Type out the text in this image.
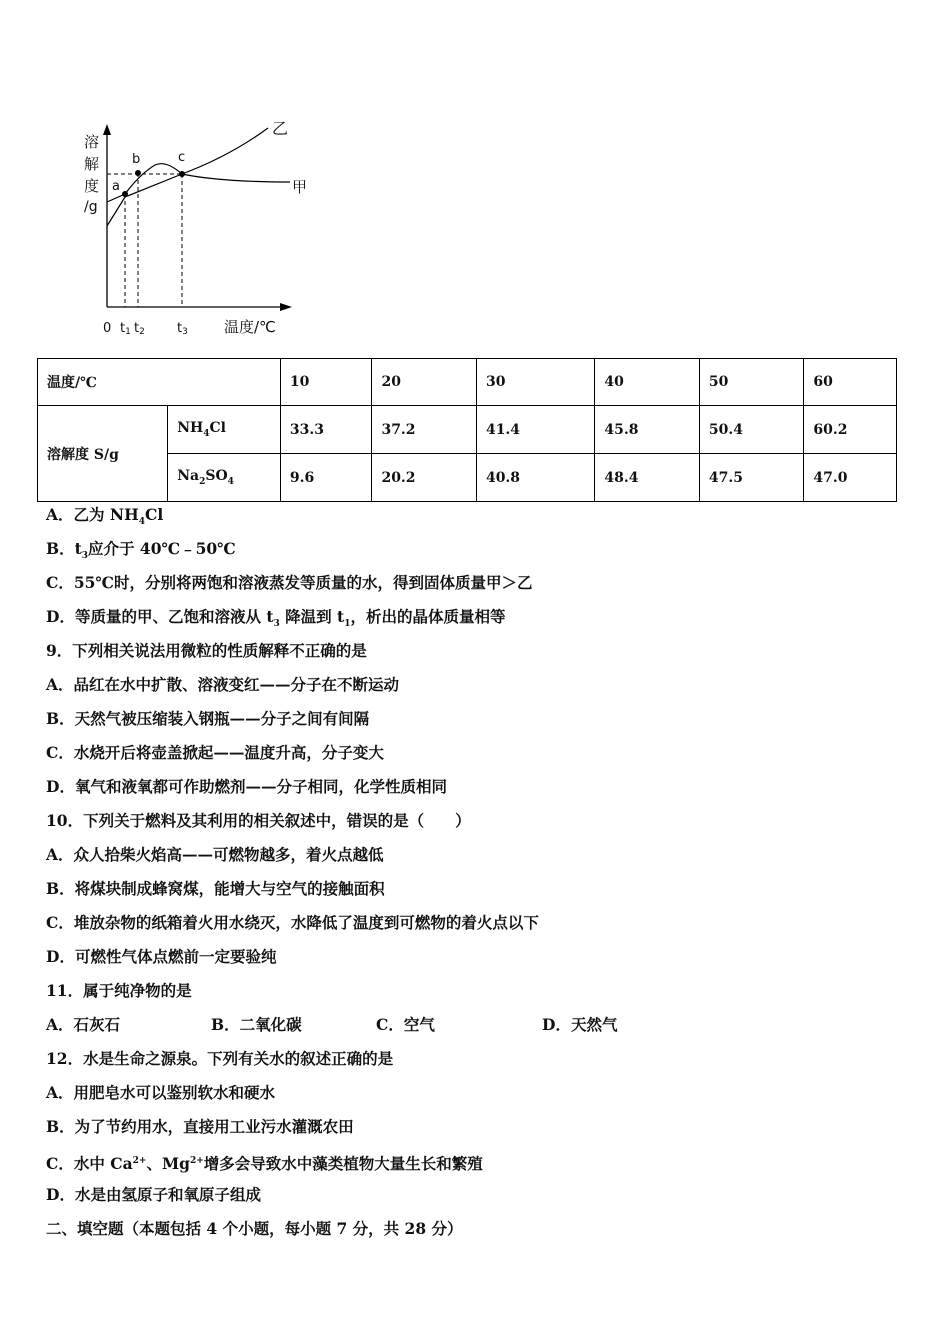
溶
解
度
/g
a
b	c
乙
甲
0 t1 t2 t3 温度/℃
温度/℃		10	20	30	40	50	60
溶解度 S/g	$NH_4Cl$	33.3	37.2	41.4	45.8	50.4	60.2
	$Na_2SO_4$	9.6	20.2	40.8	48.4	47.5	47.0
A．乙为 $NH_4Cl$
B．$t_3$应介于 40℃﹣50℃
C．55℃时，分别将两饱和溶液蒸发等质量的水，得到固体质量甲＞乙
D．等质量的甲、乙饱和溶液从 $t_3$ 降温到 $t_1$，析出的晶体质量相等
9．下列相关说法用微粒的性质解释不正确的是
A．品红在水中扩散、溶液变红——分子在不断运动
B．天然气被压缩装入钢瓶——分子之间有间隔
C．水烧开后将壶盖掀起——温度升高，分子变大
D．氧气和液氧都可作助燃剂——分子相同，化学性质相同
10．下列关于燃料及其利用的相关叙述中，错误的是（　　）
A．众人拾柴火焰高——可燃物越多，着火点越低
B．将煤块制成蜂窝煤，能增大与空气的接触面积
C．堆放杂物的纸箱着火用水绕灭，水降低了温度到可燃物的着火点以下
D．可燃性气体点燃前一定要验纯
11．属于纯净物的是
A．石灰石	B．二氧化碳	C．空气	D．天然气
12．水是生命之源泉。下列有关水的叙述正确的是
A．用肥皂水可以鉴别软水和硬水
B．为了节约用水，直接用工业污水灌溉农田
C．水中 $Ca^{2+}$、$Mg^{2+}$增多会导致水中藻类植物大量生长和繁殖
D．水是由氢原子和氧原子组成
二、填空题（本题包括 4 个小题，每小题 7 分，共 28 分）
